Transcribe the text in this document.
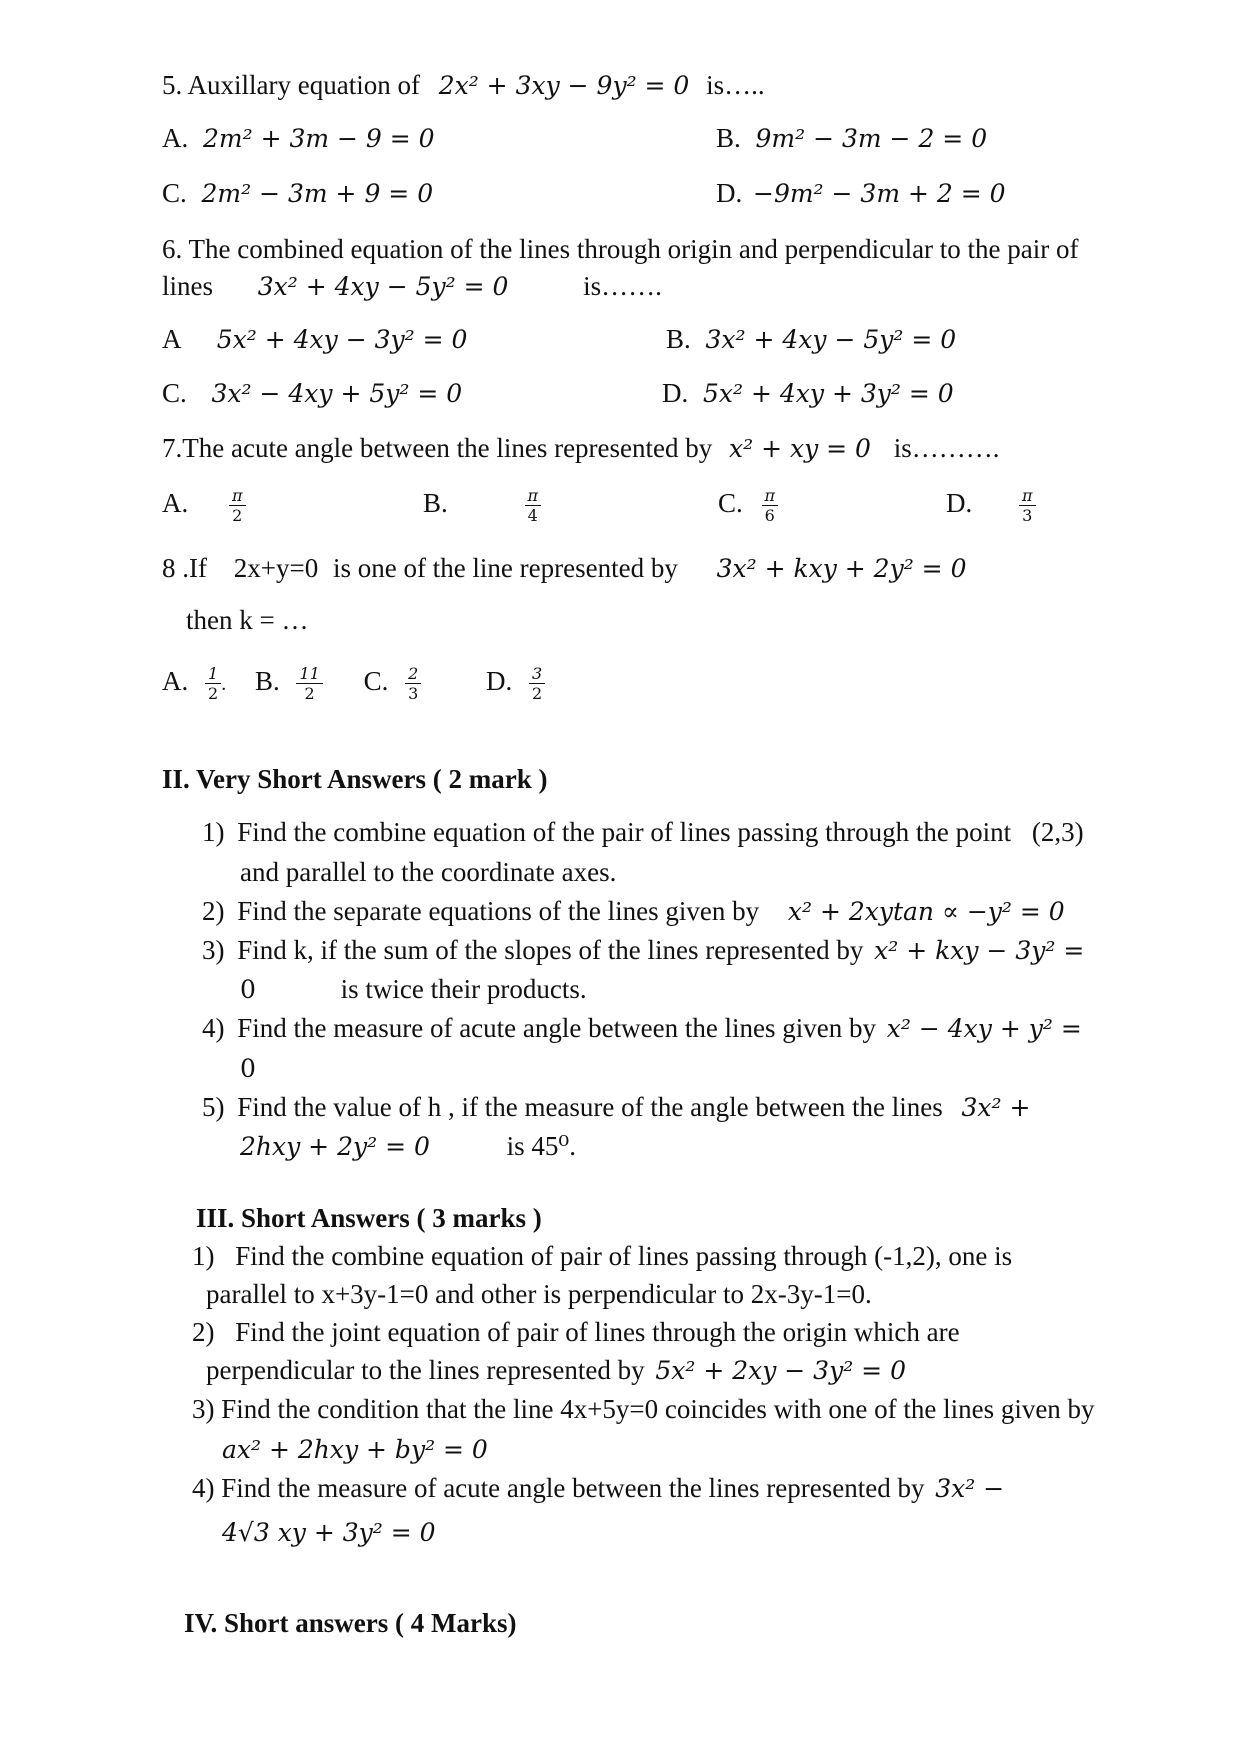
5. Auxillary equation of 2x² + 3xy − 9y² = 0 is…..
A. 2m² + 3m − 9 = 0	B. 9m² − 3m − 2 = 0
C. 2m² − 3m + 9 = 0	D. −9m² − 3m + 2 = 0
6. The combined equation of the lines through origin and perpendicular to the pair of
lines 3x² + 4xy − 5y² = 0	is…….
A 5x² + 4xy − 3y² = 0	B. 3x² + 4xy − 5y² = 0
C. 3x² − 4xy + 5y² = 0	D. 5x² + 4xy + 3y² = 0
7.The acute angle between the lines represented by x² + xy = 0 is……….
A.	$\frac{\pi}{2}$	B.	$\frac{\pi}{4}$	C. $\frac{\pi}{6}$	D.	$\frac{\pi}{3}$
8 .If 2x+y=0 is one of the line represented by 3x² + kxy + 2y² = 0
then k = …
A. $\frac{1}{2}$ . B. $\frac{11}{2} C$. $\frac{2}{3} D$. $\frac{3}{2}$
II. Very Short Answers ( 2 mark )
1) Find the combine equation of the pair of lines passing through the point (2,3)
and parallel to the coordinate axes.
2) Find the separate equations of the lines given by x² + 2xytan ∝ −y² = 0
3) Find k, if the sum of the slopes of the lines represented by x² + kxy − 3y² =
0	is twice their products.
4) Find the measure of acute angle between the lines given by x² − 4xy + y² =
0
5) Find the value of h , if the measure of the angle between the lines 3x² +
2hxy + 2y² = 0	is 45⁰.
III. Short Answers ( 3 marks )
1) Find the combine equation of pair of lines passing through (-1,2), one is
parallel to x+3y-1=0 and other is perpendicular to 2x-3y-1=0.
2) Find the joint equation of pair of lines through the origin which are
perpendicular to the lines represented by 5x² + 2xy − 3y² = 0
3) Find the condition that the line 4x+5y=0 coincides with one of the lines given by
ax² + 2hxy + by² = 0
4) Find the measure of acute angle between the lines represented by 3x² −
4√3 xy + 3y² = 0
IV. Short answers ( 4 Marks)
